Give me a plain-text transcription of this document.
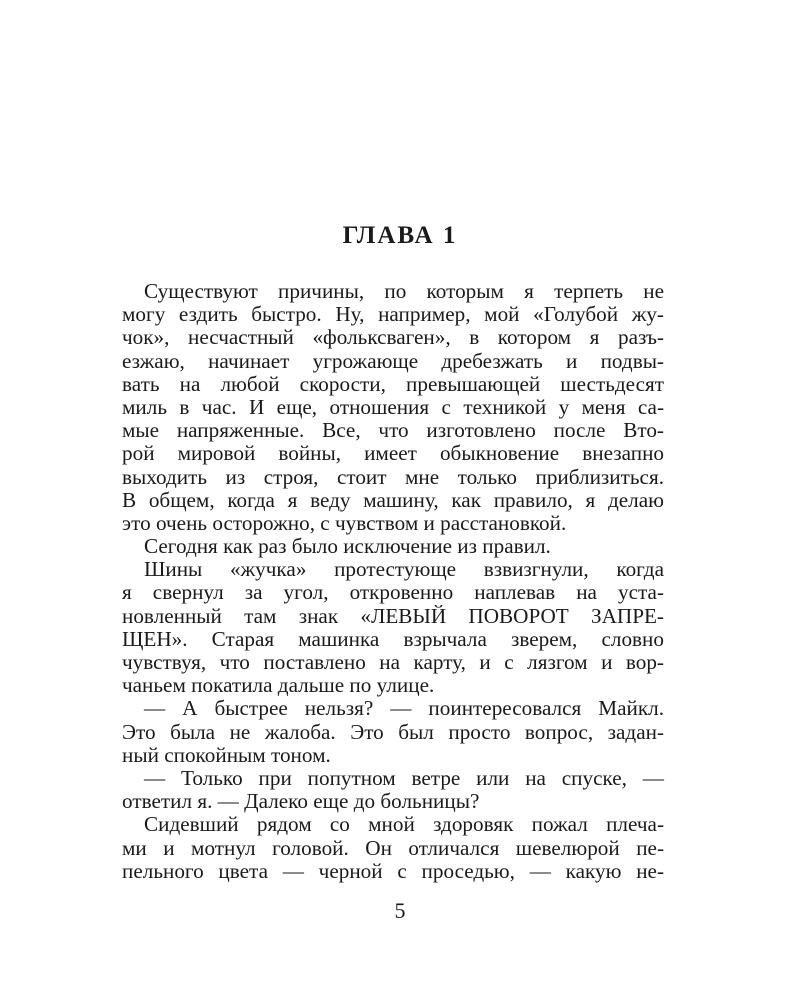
ГЛАВА 1
Существуют причины, по которым я терпеть не
могу ездить быстро. Ну, например, мой «Голубой жу-
чок», несчастный «фольксваген», в котором я разъ-
езжаю, начинает угрожающе дребезжать и подвы-
вать на любой скорости, превышающей шестьдесят
миль в час. И еще, отношения с техникой у меня са-
мые напряженные. Все, что изготовлено после Вто-
рой мировой войны, имеет обыкновение внезапно
выходить из строя, стоит мне только приблизиться.
В общем, когда я веду машину, как правило, я делаю
это очень осторожно, с чувством и расстановкой.
Сегодня как раз было исключение из правил.
Шины «жучка» протестующе взвизгнули, когда
я свернул за угол, откровенно наплевав на уста-
новленный там знак «ЛЕВЫЙ ПОВОРОТ ЗАПРЕ-
ЩЕН». Старая машинка взрычала зверем, словно
чувствуя, что поставлено на карту, и с лязгом и вор-
чаньем покатила дальше по улице.
— А быстрее нельзя? — поинтересовался Майкл.
Это была не жалоба. Это был просто вопрос, задан-
ный спокойным тоном.
— Только при попутном ветре или на спуске, —
ответил я. — Далеко еще до больницы?
Сидевший рядом со мной здоровяк пожал плеча-
ми и мотнул головой. Он отличался шевелюрой пе-
пельного цвета — черной с проседью, — какую не-
5
